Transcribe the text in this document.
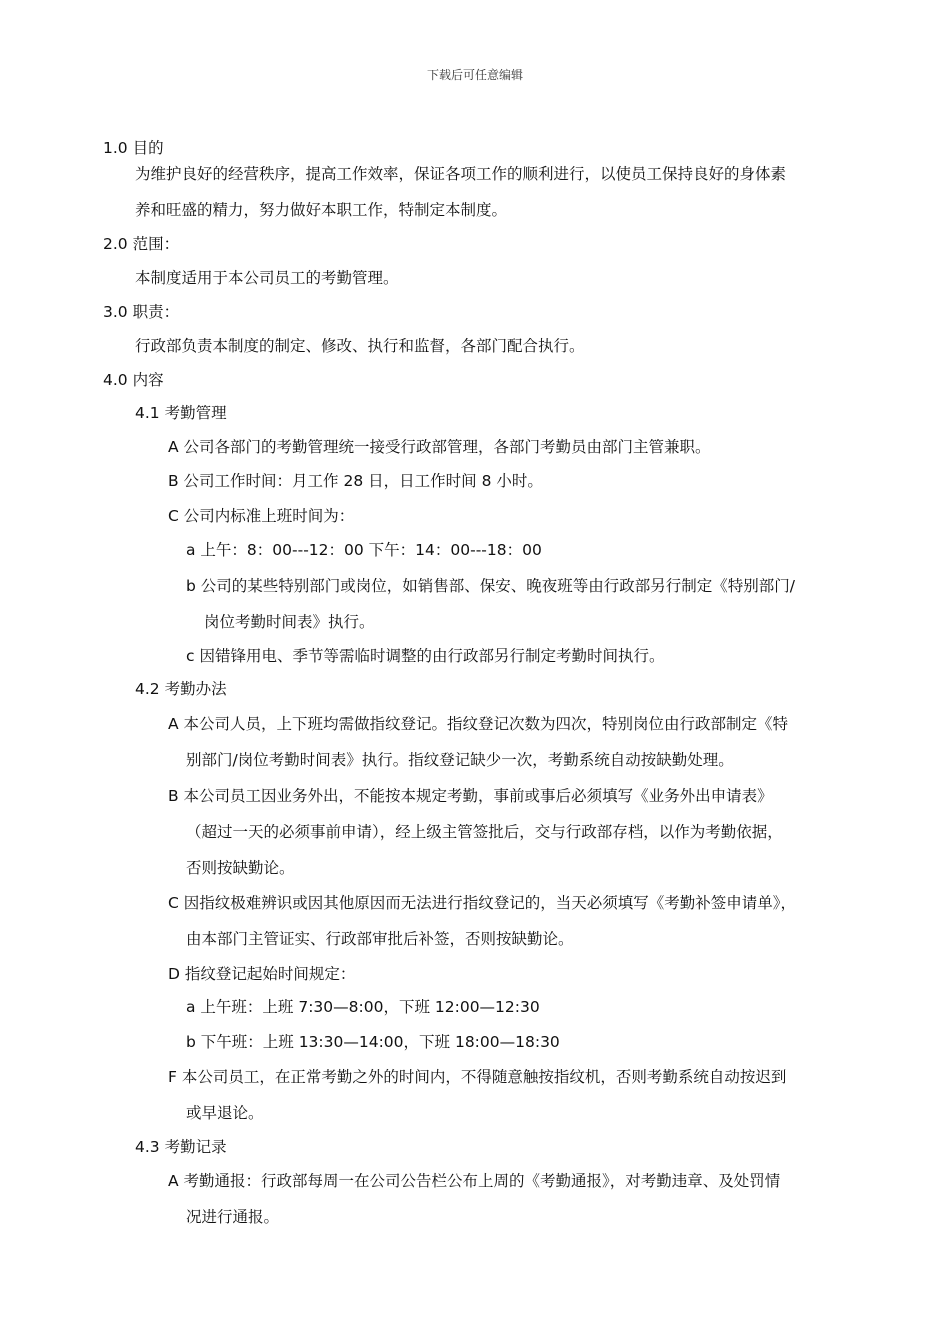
下载后可任意编辑
1.0 目的
为维护良好的经营秩序，提高工作效率，保证各项工作的顺利进行，以使员工保持良好的身体素
养和旺盛的精力，努力做好本职工作，特制定本制度。
2.0 范围：
本制度适用于本公司员工的考勤管理。
3.0 职责：
行政部负责本制度的制定、修改、执行和监督，各部门配合执行。
4.0 内容
4.1 考勤管理
A 公司各部门的考勤管理统一接受行政部管理，各部门考勤员由部门主管兼职。
B 公司工作时间：月工作 28 日，日工作时间 8 小时。
C 公司内标准上班时间为：
a 上午：8：00---12：00 下午：14：00---18：00
b 公司的某些特别部门或岗位，如销售部、保安、晚夜班等由行政部另行制定《特别部门/
岗位考勤时间表》执行。
c 因错锋用电、季节等需临时调整的由行政部另行制定考勤时间执行。
4.2 考勤办法
A 本公司人员，上下班均需做指纹登记。指纹登记次数为四次，特别岗位由行政部制定《特
别部门/岗位考勤时间表》执行。指纹登记缺少一次，考勤系统自动按缺勤处理。
B 本公司员工因业务外出，不能按本规定考勤，事前或事后必须填写《业务外出申请表》
（超过一天的必须事前申请），经上级主管签批后，交与行政部存档，以作为考勤依据，
否则按缺勤论。
C 因指纹极难辨识或因其他原因而无法进行指纹登记的，当天必须填写《考勤补签申请单》，
由本部门主管证实、行政部审批后补签，否则按缺勤论。
D 指纹登记起始时间规定：
a 上午班：上班 7:30—8:00，下班 12:00—12:30
b 下午班：上班 13:30—14:00，下班 18:00—18:30
F 本公司员工，在正常考勤之外的时间内，不得随意触按指纹机，否则考勤系统自动按迟到
或早退论。
4.3 考勤记录
A 考勤通报：行政部每周一在公司公告栏公布上周的《考勤通报》，对考勤违章、及处罚情
况进行通报。
